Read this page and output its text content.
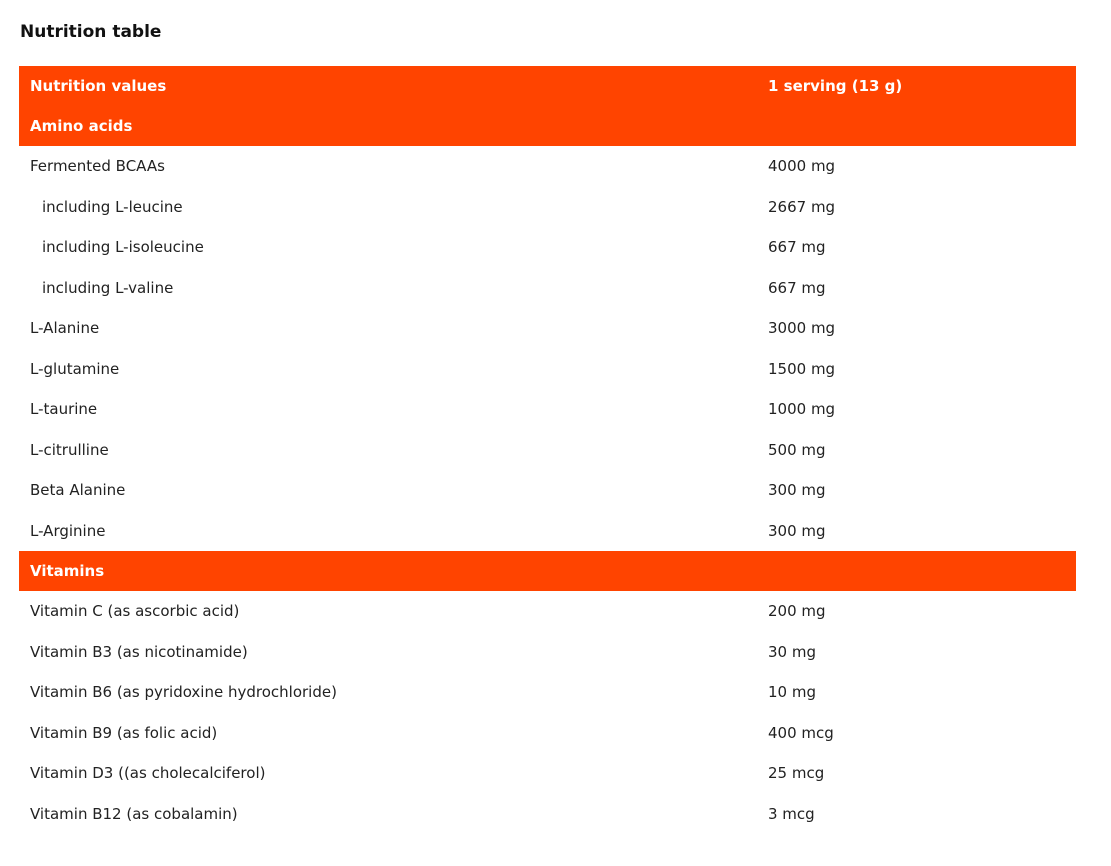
Nutrition table
Nutrition values	1 serving (13 g)
Amino acids	
Fermented BCAAs	4000 mg
including L-leucine	2667 mg
including L-isoleucine	667 mg
including L-valine	667 mg
L-Alanine	3000 mg
L-glutamine	1500 mg
L-taurine	1000 mg
L-citrulline	500 mg
Beta Alanine	300 mg
L-Arginine	300 mg
Vitamins	
Vitamin C (as ascorbic acid)	200 mg
Vitamin B3 (as nicotinamide)	30 mg
Vitamin B6 (as pyridoxine hydrochloride)	10 mg
Vitamin B9 (as folic acid)	400 mcg
Vitamin D3 ((as cholecalciferol)	25 mcg
Vitamin B12 (as cobalamin)	3 mcg
